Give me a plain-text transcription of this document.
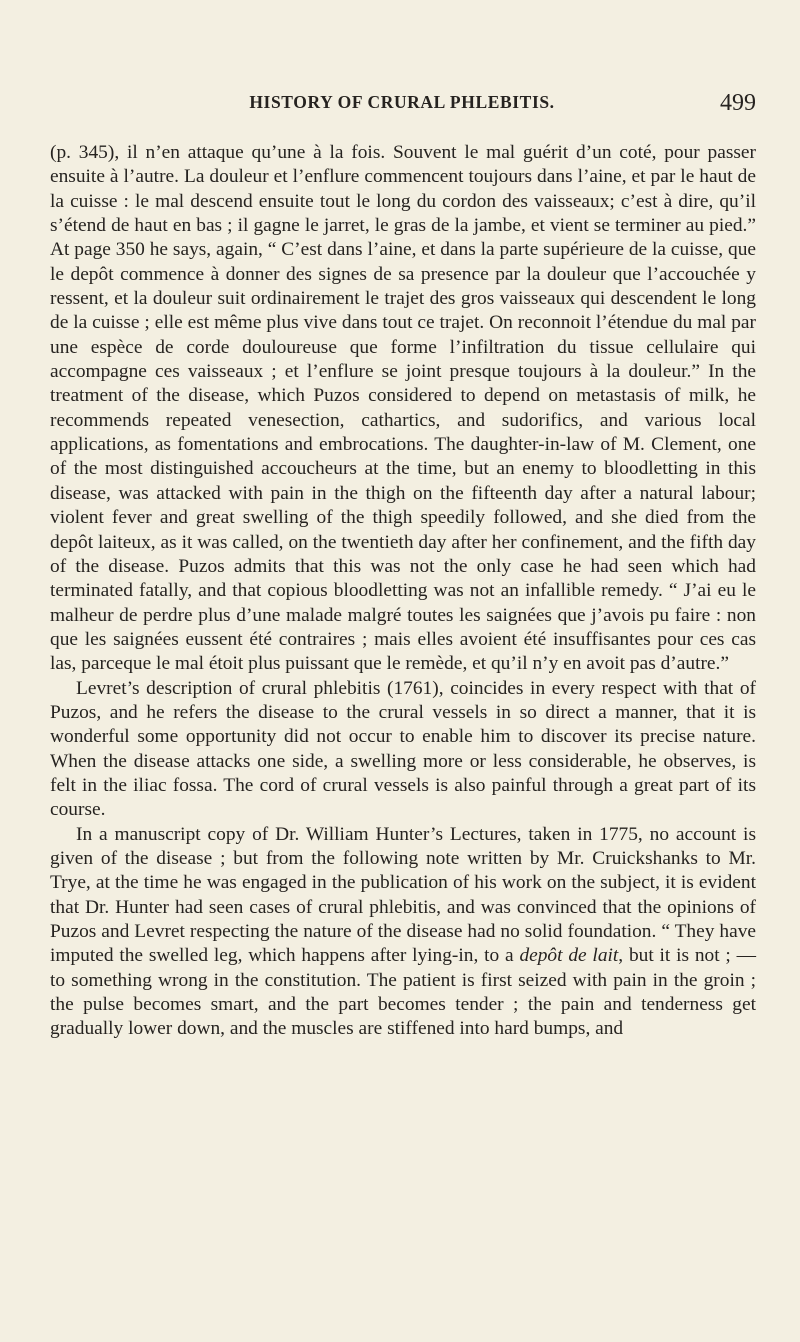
HISTORY OF CRURAL PHLEBITIS.	499

(p. 345), il n’en attaque qu’une à la fois. Souvent le mal guérit d’un coté, pour passer ensuite à l’autre. La douleur et l’enflure commencent toujours dans l’aine, et par le haut de la cuisse : le mal descend ensuite tout le long du cordon des vaisseaux; c’est à dire, qu’il s’étend de haut en bas ; il gagne le jarret, le gras de la jambe, et vient se terminer au pied.” At page 350 he says, again, “ C’est dans l’aine, et dans la parte supérieure de la cuisse, que le depôt commence à donner des signes de sa presence par la douleur que l’accouchée y ressent, et la douleur suit ordinairement le trajet des gros vaisseaux qui descendent le long de la cuisse ; elle est même plus vive dans tout ce trajet. On reconnoit l’étendue du mal par une espèce de corde douloureuse que forme l’infiltration du tissue cellulaire qui accompagne ces vaisseaux ; et l’enflure se joint presque toujours à la douleur.” In the treatment of the disease, which Puzos considered to depend on metastasis of milk, he recommends repeated venesection, cathartics, and sudorifics, and various local applications, as fomentations and embrocations. The daughter-in-law of M. Clement, one of the most distinguished accoucheurs at the time, but an enemy to bloodletting in this disease, was attacked with pain in the thigh on the fifteenth day after a natural labour; violent fever and great swelling of the thigh speedily followed, and she died from the depôt laiteux, as it was called, on the twentieth day after her confinement, and the fifth day of the disease. Puzos admits that this was not the only case he had seen which had terminated fatally, and that copious bloodletting was not an infallible remedy. “ J’ai eu le malheur de perdre plus d’une malade malgré toutes les saignées que j’avois pu faire : non que les saignées eussent été contraires ; mais elles avoient été insuffisantes pour ces cas las, parceque le mal étoit plus puissant que le remède, et qu’il n’y en avoit pas d’autre.”

Levret’s description of crural phlebitis (1761), coincides in every respect with that of Puzos, and he refers the disease to the crural vessels in so direct a manner, that it is wonderful some opportunity did not occur to enable him to discover its precise nature. When the disease attacks one side, a swelling more or less considerable, he observes, is felt in the iliac fossa. The cord of crural vessels is also painful through a great part of its course.

In a manuscript copy of Dr. William Hunter’s Lectures, taken in 1775, no account is given of the disease ; but from the following note written by Mr. Cruickshanks to Mr. Trye, at the time he was engaged in the publication of his work on the subject, it is evident that Dr. Hunter had seen cases of crural phlebitis, and was convinced that the opinions of Puzos and Levret respecting the nature of the disease had no solid foundation. “ They have imputed the swelled leg, which happens after lying-in, to a depôt de lait, but it is not ; — to something wrong in the constitution. The patient is first seized with pain in the groin ; the pulse becomes smart, and the part becomes tender ; the pain and tenderness get gradually lower down, and the muscles are stiffened into hard bumps, and
